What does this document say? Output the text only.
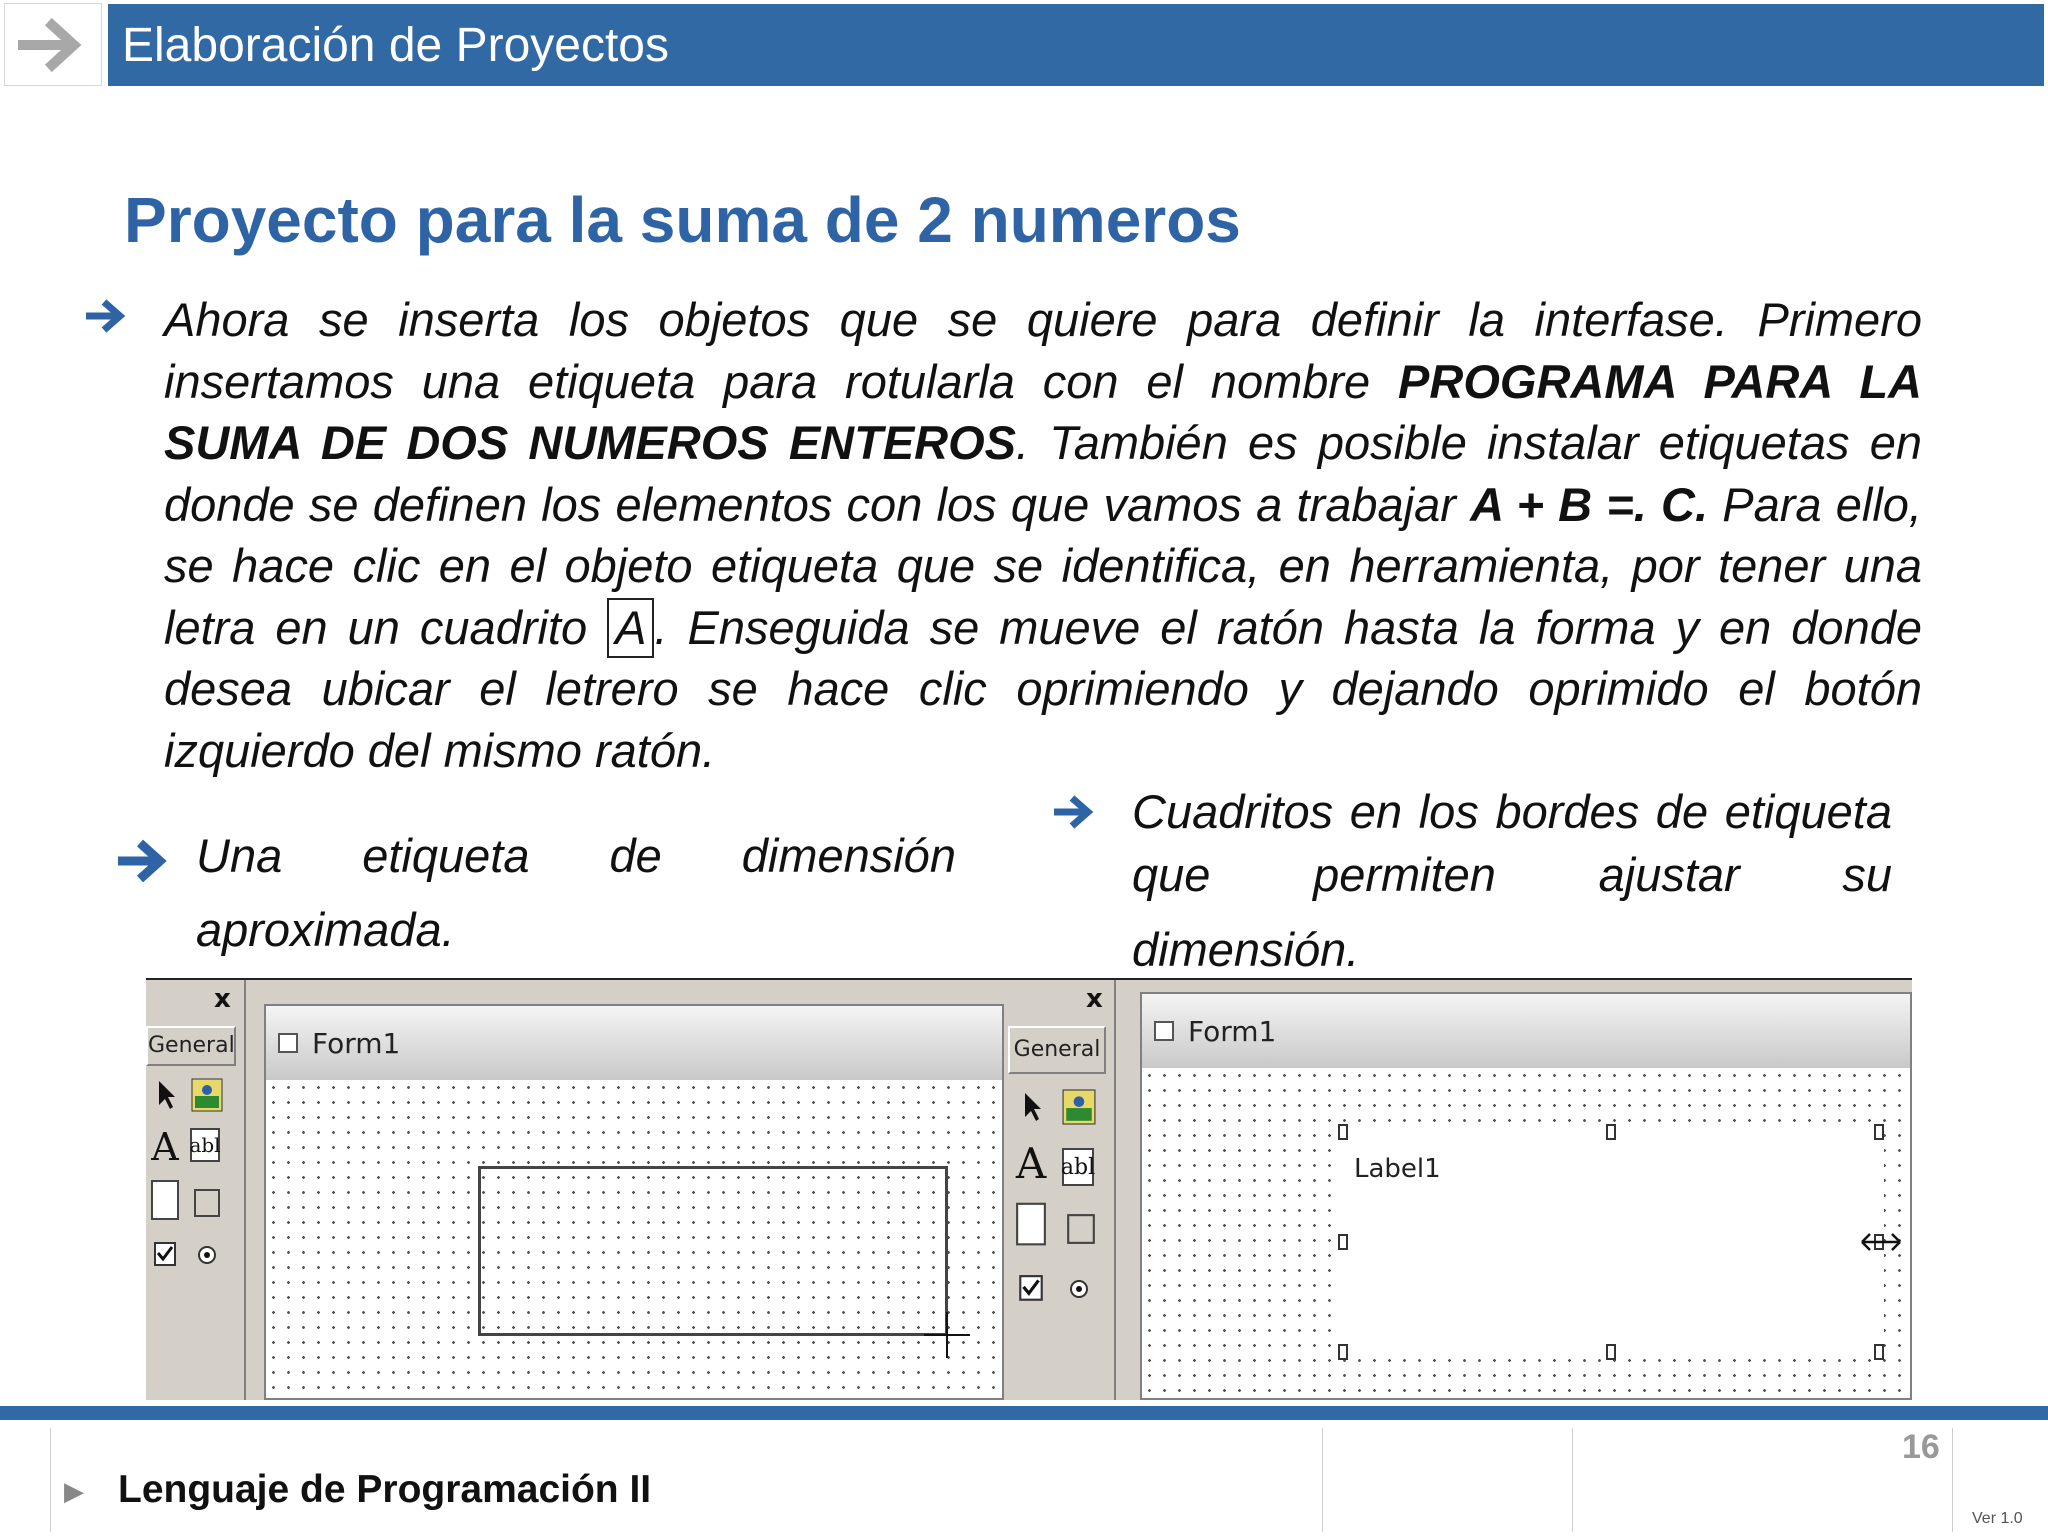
Elaboración de Proyectos
Proyecto para la suma de 2 numeros
Ahora se inserta los objetos que se quiere para definir la interfase. Primero insertamos una etiqueta para rotularla con el nombre PROGRAMA PARA LA SUMA DE DOS NUMEROS ENTEROS. También es posible instalar etiquetas en donde se definen los elementos con los que vamos a trabajar A + B =. C. Para ello, se hace clic en el objeto etiqueta que se identifica, en herramienta, por tener una letra en un cuadrito A. Enseguida se mueve el ratón hasta la forma y en donde desea ubicar el letrero se hace clic oprimiendo y dejando oprimido el botón izquierdo del mismo ratón.
Una etiqueta de dimensión
aproximada.
Cuadritos en los bordes de etiqueta que permiten ajustar su
dimensión.
x
General
A abl
Form1
x
General
A abl
Form1
Label1
▶ Lenguaje de Programación II
16
Ver 1.0
